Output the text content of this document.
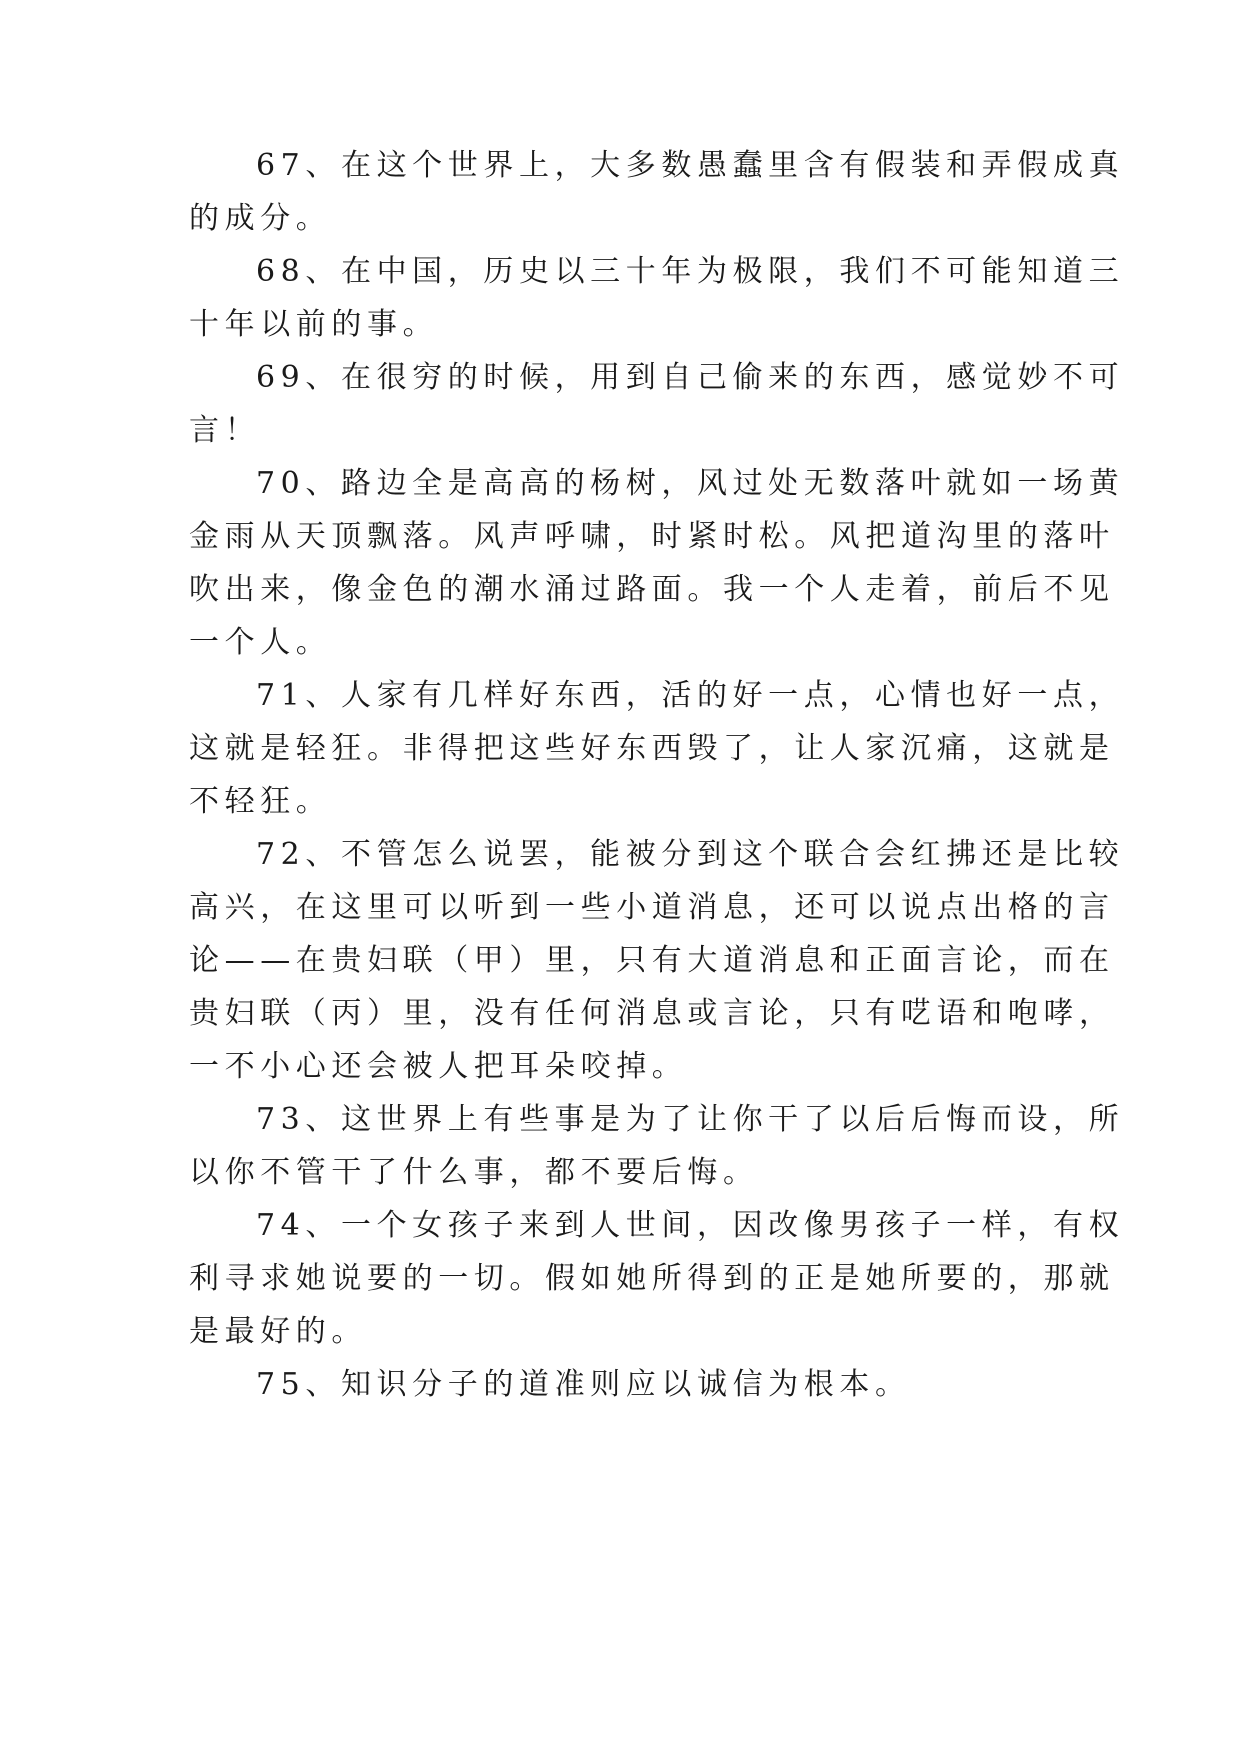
67、在这个世界上，大多数愚蠢里含有假装和弄假成真

的成分。

68、在中国，历史以三十年为极限，我们不可能知道三

十年以前的事。

69、在很穷的时候，用到自己偷来的东西，感觉妙不可

言！

70、路边全是高高的杨树，风过处无数落叶就如一场黄

金雨从天顶飘落。风声呼啸，时紧时松。风把道沟里的落叶

吹出来，像金色的潮水涌过路面。我一个人走着，前后不见

一个人。

71、人家有几样好东西，活的好一点，心情也好一点，

这就是轻狂。非得把这些好东西毁了，让人家沉痛，这就是

不轻狂。

72、不管怎么说罢，能被分到这个联合会红拂还是比较

高兴，在这里可以听到一些小道消息，还可以说点出格的言

论——在贵妇联（甲）里，只有大道消息和正面言论，而在

贵妇联（丙）里，没有任何消息或言论，只有呓语和咆哮，

一不小心还会被人把耳朵咬掉。

73、这世界上有些事是为了让你干了以后后悔而设，所

以你不管干了什么事，都不要后悔。

74、一个女孩子来到人世间，因改像男孩子一样，有权

利寻求她说要的一切。假如她所得到的正是她所要的，那就

是最好的。

75、知识分子的道准则应以诚信为根本。
